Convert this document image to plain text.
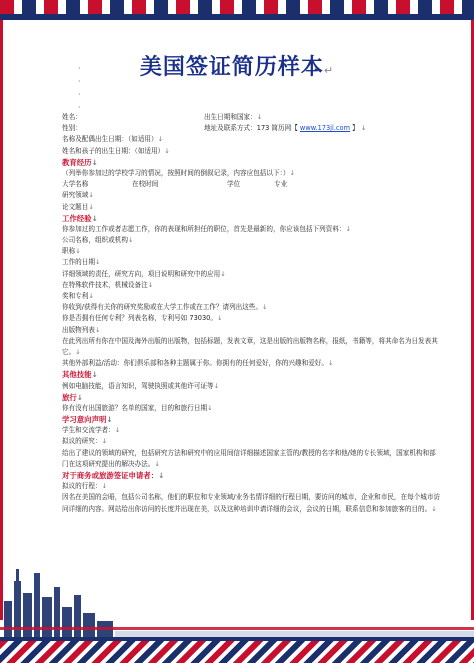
美国签证简历样本↵
·
·
·
·
姓名：	出生日期和国家：↓
性别：	地址及联系方式：173 简历网【 www.173jl.com 】 ↓
名称及配偶出生日期：（如适用）↓
姓名和孩子的出生日期：（如适用）↓
教育经历↓
（列举你参加过的学校学习的情况，按照时间的倒叙记录，内容应包括以下：）↓
大学名称	在校时间	学位	专业
研究领域↓
论文题目↓
工作经验↓
你参加过的工作或者志愿工作，你的表现和所担任的职位，首先是最新的，你应该包括下列资料：↓
公司名称，组织或机构↓
职称↓
工作的日期↓
详细领域的责任，研究方向，项目说明和研究中的应用↓
在特殊软件技术，机械设备注↓
奖和专利↓
你收到/获得有关你的研究奖励或在大学工作或在工作？请列出这些。↓
你是否拥有任何专利？列表名称，专利号如 73030。↓
出版物列表↓
在此列出所有你在中国及海外出版的出版物，包括标题，发表文章，这是出版的出版物名称，报纸，书籍等，将其命名为日发表其它。↓
其他外部利益/活动：你们俱乐部和各种主题属于你。你拥有的任何爱好，你的兴趣和爱好。↓
其他技能↓
例如电脑技能，语言知识，驾驶执照或其他许可证等↓
旅行↓
你有没有出国旅游？名单的国家，目的和旅行日期↓
学习意向声明↓
学生和交流学者：↓
拟议的研究：↓
给出了建议的领域的研究，包括研究方法和研究中的应用间信详细描述国家主管的/教授的名字和他/她的专长领域，国家机构和部门在这项研究提出的解决办法。↓
对于商务或旅游签证申请者：↓
拟议的行程：↓
因名在美国的会晤，包括公司名称，他们的职位和专业领域/业务名情详细的行程日期，要访问的城市，企业和市民，在每个城市访问详细的内容。网站给出你访问的长度并出现在美，以及这种培训申请详细的会议，会议的日期，联系信息和参加旅客的目的。↓
